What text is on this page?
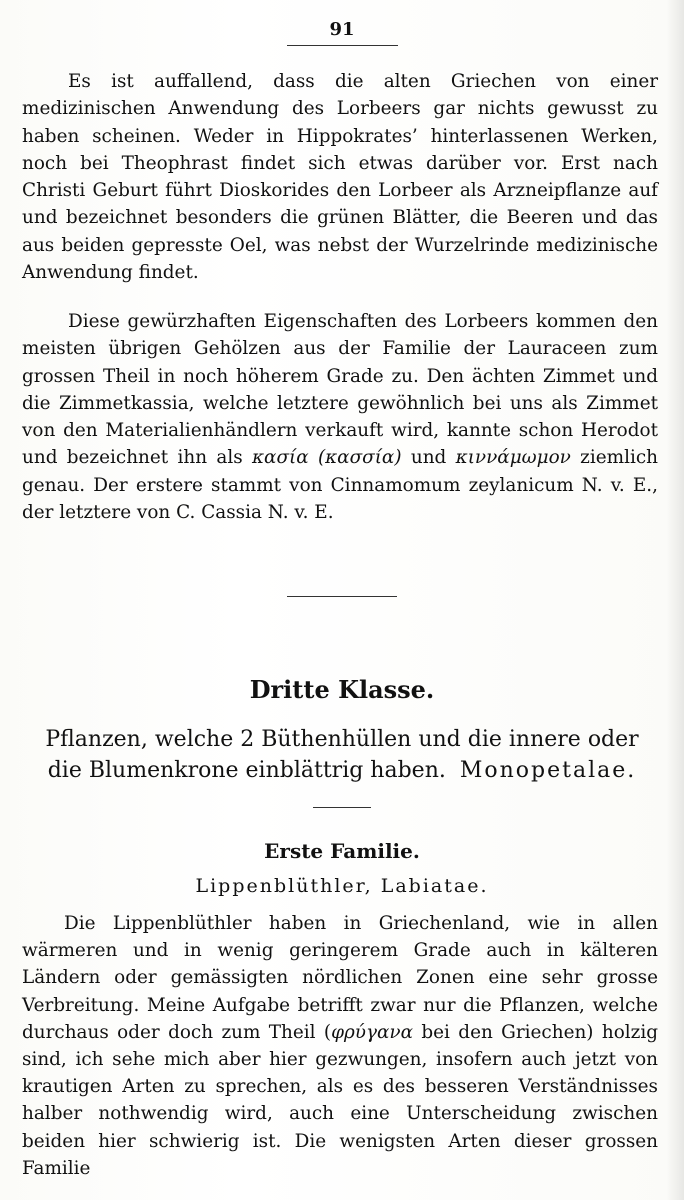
91

Es ist auffallend, dass die alten Griechen von einer medizinischen Anwendung des Lorbeers gar nichts gewusst zu haben scheinen. Weder in Hippokrates’ hinterlassenen Werken, noch bei Theophrast findet sich etwas darüber vor. Erst nach Christi Geburt führt Dioskorides den Lorbeer als Arzneipflanze auf und bezeichnet besonders die grünen Blätter, die Beeren und das aus beiden gepresste Oel, was nebst der Wurzelrinde medizinische Anwendung findet.

Diese gewürzhaften Eigenschaften des Lorbeers kommen den meisten übrigen Gehölzen aus der Familie der Lauraceen zum grossen Theil in noch höherem Grade zu. Den ächten Zimmet und die Zimmetkassia, welche letztere gewöhnlich bei uns als Zimmet von den Materialienhändlern verkauft wird, kannte schon Herodot und bezeichnet ihn als κασία (κασσία) und κιννάμωμον ziemlich genau. Der erstere stammt von Cinnamomum zeylanicum N. v. E., der letztere von C. Cassia N. v. E.

Dritte Klasse.
Pflanzen, welche 2 Büthenhüllen und die innere oder
die Blumenkrone einblättrig haben. Monopetalae.
Erste Familie.
Lippenblüthler, Labiatae.

Die Lippenblüthler haben in Griechenland, wie in allen wärmeren und in wenig geringerem Grade auch in kälteren Ländern oder gemässigten nördlichen Zonen eine sehr grosse Verbreitung. Meine Aufgabe betrifft zwar nur die Pflanzen, welche durchaus oder doch zum Theil (φρύγανα bei den Griechen) holzig sind, ich sehe mich aber hier gezwungen, insofern auch jetzt von krautigen Arten zu sprechen, als es des besseren Verständnisses halber nothwendig wird, auch eine Unterscheidung zwischen beiden hier schwierig ist. Die wenigsten Arten dieser grossen Familie
